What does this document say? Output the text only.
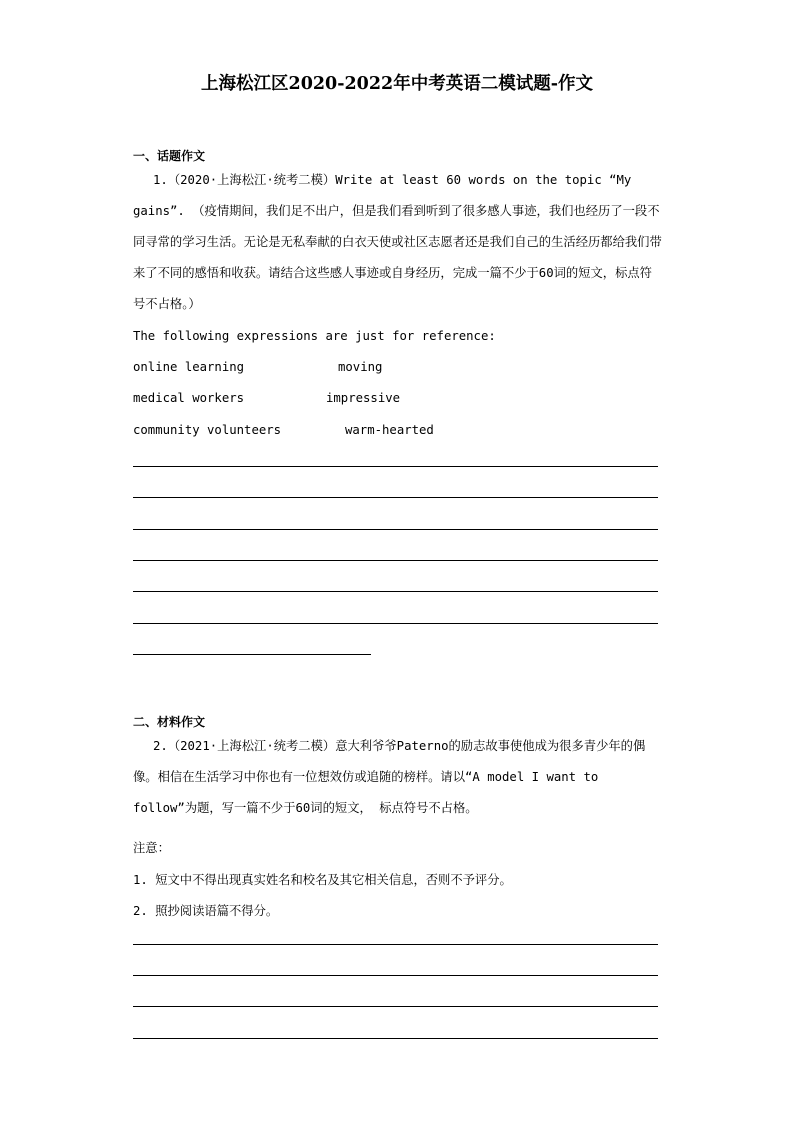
上海松江区2020-2022年中考英语二模试题-作文
一、话题作文
1.（2020·上海松江·统考二模）Write at least 60 words on the topic “My gains”. （疫情期间，我们足不出户，但是我们看到听到了很多感人事迹，我们也经历了一段不同寻常的学习生活。无论是无私奉献的白衣天使或社区志愿者还是我们自己的生活经历都给我们带来了不同的感悟和收获。请结合这些感人事迹或自身经历，完成一篇不少于60词的短文，标点符号不占格。）
The following expressions are just for reference:
online learning	moving
medical workers	impressive
community volunteers	warm-hearted
二、材料作文
2.（2021·上海松江·统考二模）意大利爷爷Paterno的励志故事使他成为很多青少年的偶像。相信在生活学习中你也有一位想效仿或追随的榜样。请以“A model I want to follow”为题，写一篇不少于60词的短文， 标点符号不占格。
注意：
1. 短文中不得出现真实姓名和校名及其它相关信息，否则不予评分。
2. 照抄阅读语篇不得分。
